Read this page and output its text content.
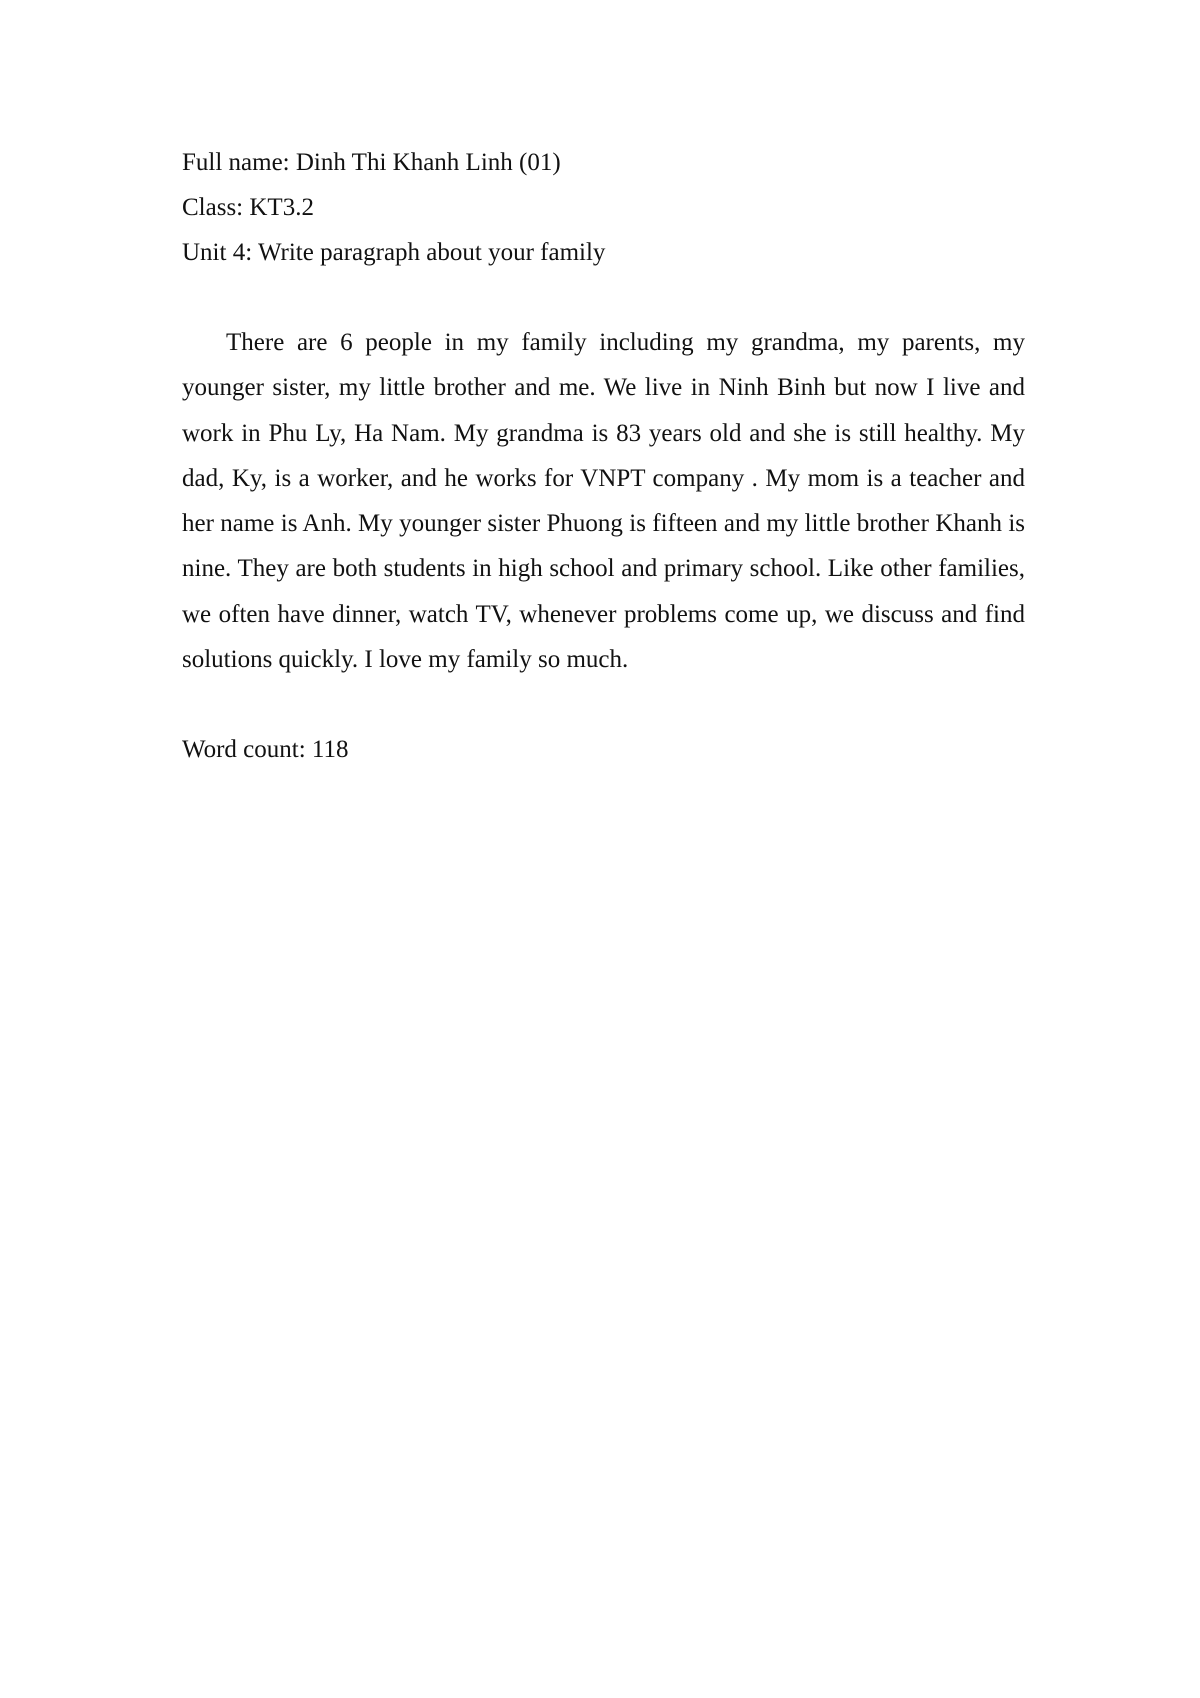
Full name: Dinh Thi Khanh Linh (01)

Class: KT3.2

Unit 4: Write paragraph about your family

There are 6 people in my family including my grandma, my parents, my younger sister, my little brother and me. We live in Ninh Binh but now I live and work in Phu Ly, Ha Nam. My grandma is 83 years old and she is still healthy. My dad, Ky, is a worker, and he works for VNPT company . My mom is a teacher and her name is Anh. My younger sister Phuong is fifteen and my little brother Khanh is nine. They are both students in high school and primary school. Like other families, we often have dinner, watch TV, whenever problems come up, we discuss and find solutions quickly. I love my family so much.

Word count: 118
